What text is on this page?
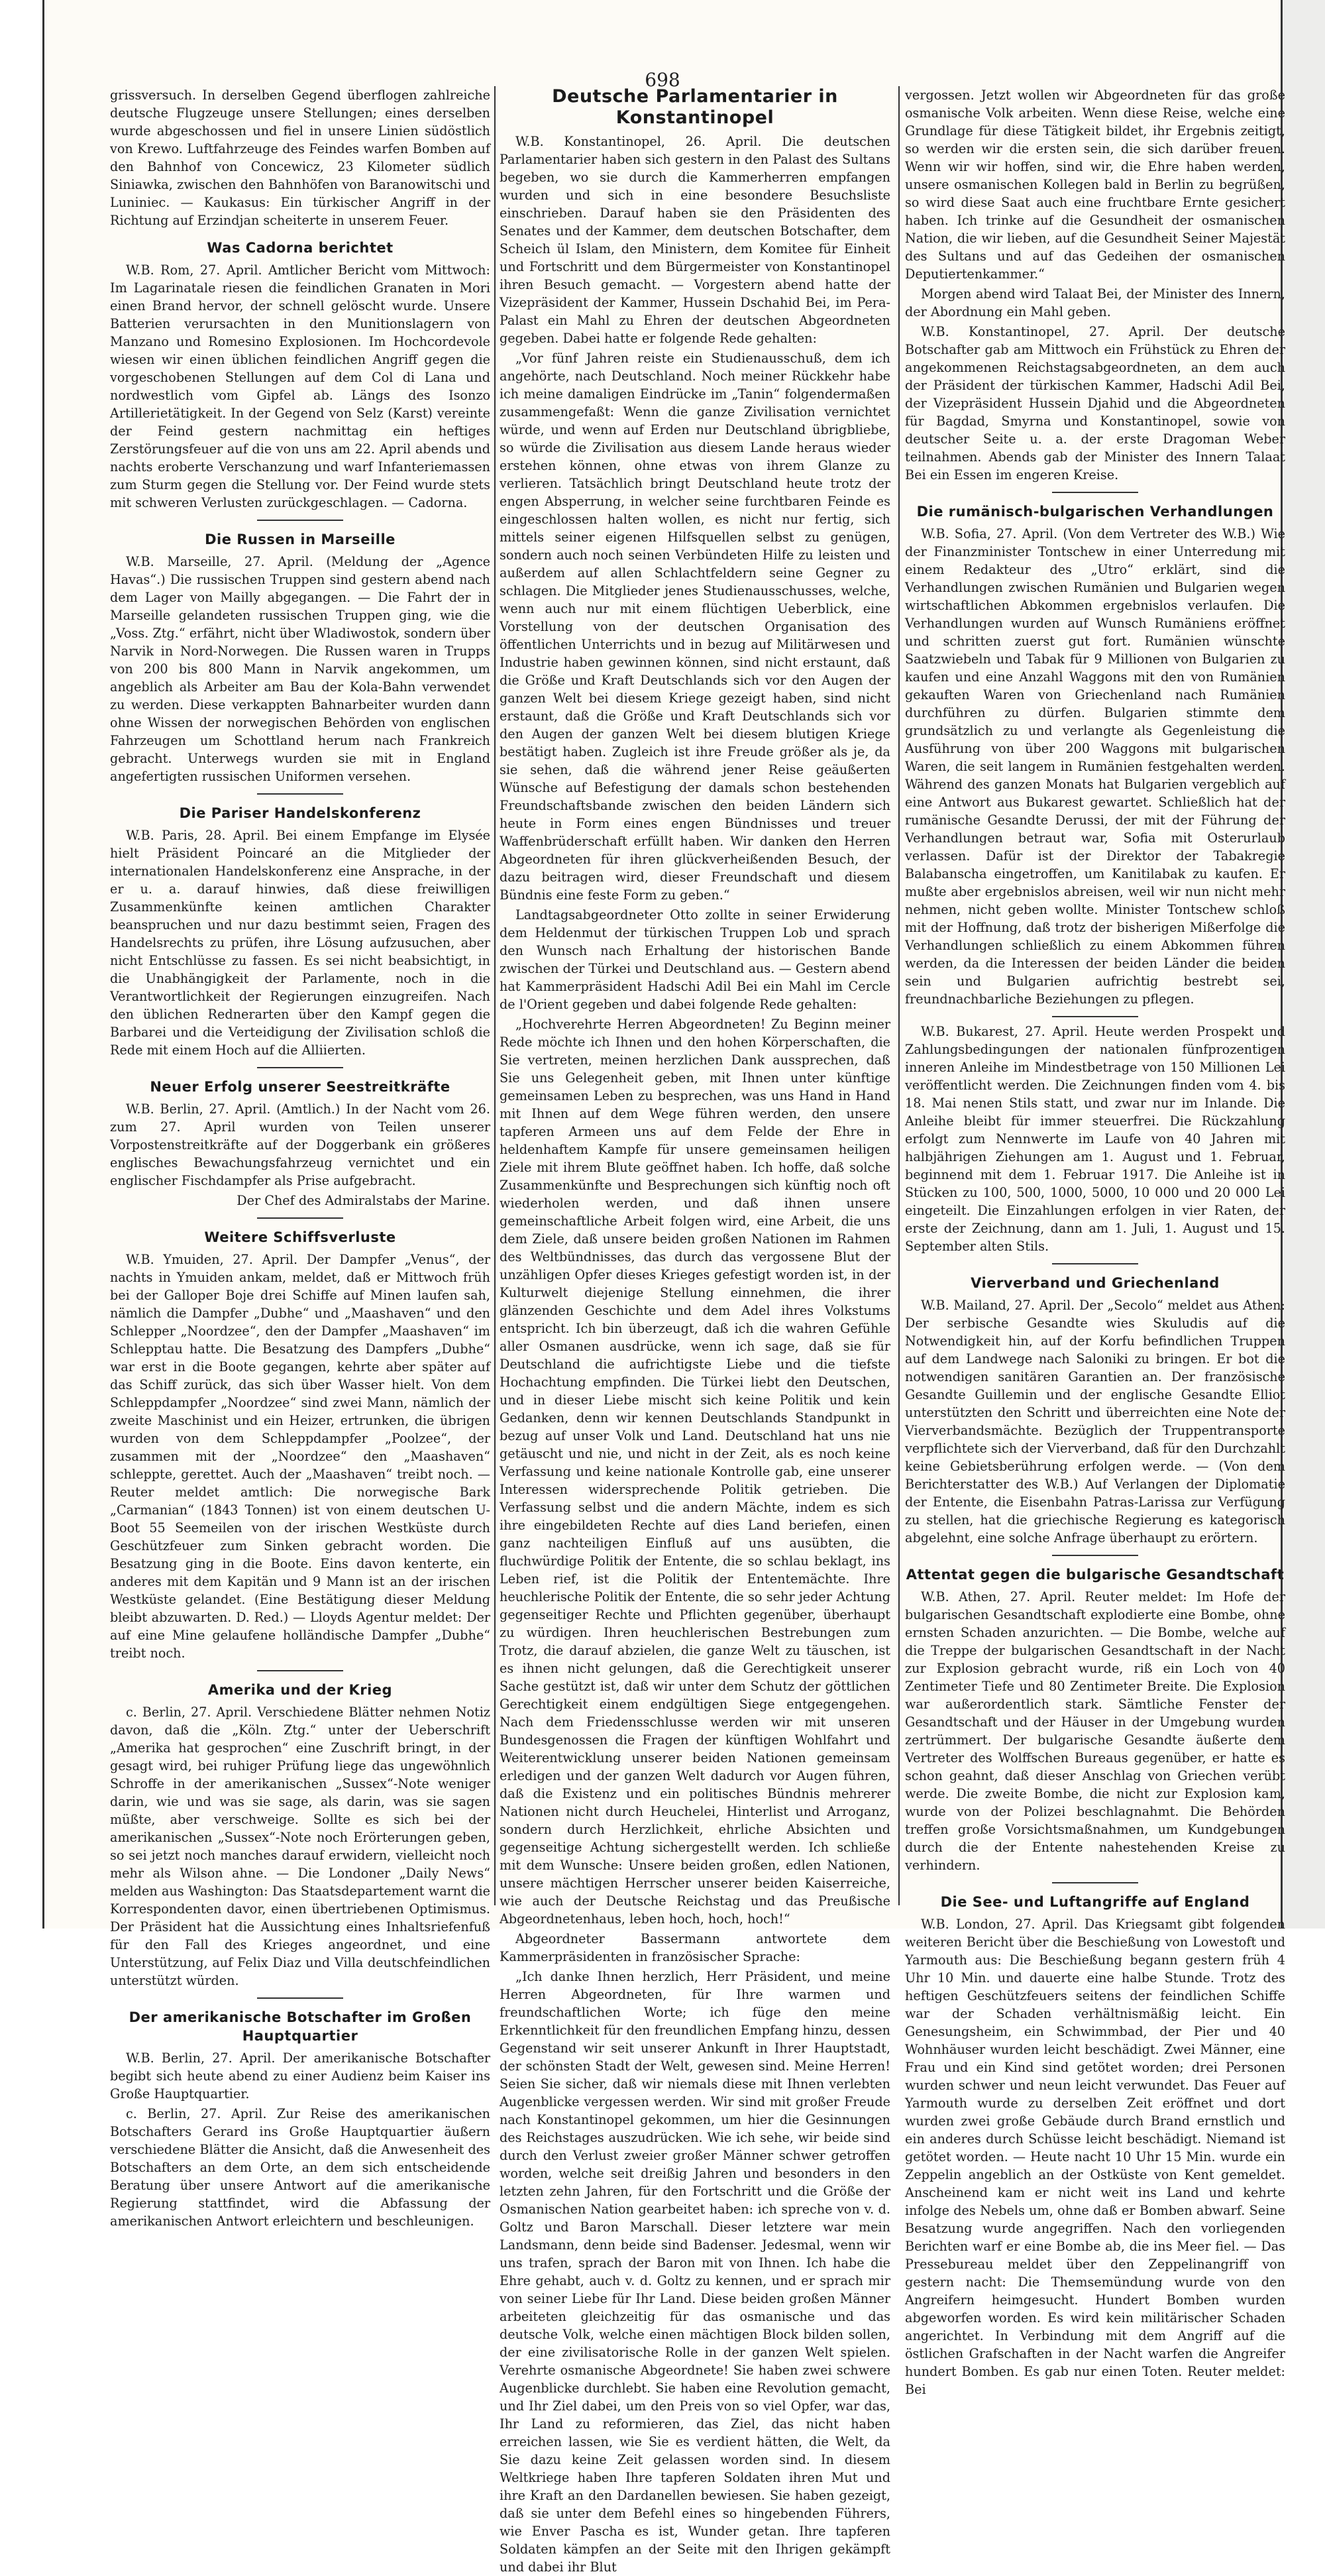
698

grissversuch. In derselben Gegend überflogen zahlreiche deutsche Flugzeuge unsere Stellungen; eines derselben wurde abgeschossen und fiel in unsere Linien südöstlich von Krewo. Luftfahrzeuge des Feindes warfen Bomben auf den Bahnhof von Concewicz, 23 Kilometer südlich Siniawka, zwischen den Bahnhöfen von Baranowitschi und Luniniec. — Kaukasus: Ein türkischer Angriff in der Richtung auf Erzindjan scheiterte in unserem Feuer.

Was Cadorna berichtet

W.B. Rom, 27. April. Amtlicher Bericht vom Mittwoch: Im Lagarinatale riesen die feindlichen Granaten in Mori einen Brand hervor, der schnell gelöscht wurde. Unsere Batterien verursachten in den Munitionslagern von Manzano und Romesino Explosionen. Im Hochcordevole wiesen wir einen üblichen feindlichen Angriff gegen die vorgeschobenen Stellungen auf dem Col di Lana und nordwestlich vom Gipfel ab. Längs des Isonzo Artillerietätigkeit. In der Gegend von Selz (Karst) vereinte der Feind gestern nachmittag ein heftiges Zerstörungsfeuer auf die von uns am 22. April abends und nachts eroberte Verschanzung und warf Infanteriemassen zum Sturm gegen die Stellung vor. Der Feind wurde stets mit schweren Verlusten zurückgeschlagen. — Cadorna.

Die Russen in Marseille

W.B. Marseille, 27. April. (Meldung der „Agence Havas“.) Die russischen Truppen sind gestern abend nach dem Lager von Mailly abgegangen. — Die Fahrt der in Marseille gelandeten russischen Truppen ging, wie die „Voss. Ztg.“ erfährt, nicht über Wladiwostok, sondern über Narvik in Nord-Norwegen. Die Russen waren in Trupps von 200 bis 800 Mann in Narvik angekommen, um angeblich als Arbeiter am Bau der Kola-Bahn verwendet zu werden. Diese verkappten Bahnarbeiter wurden dann ohne Wissen der norwegischen Behörden von englischen Fahrzeugen um Schottland herum nach Frankreich gebracht. Unterwegs wurden sie mit in England angefertigten russischen Uniformen versehen.

Die Pariser Handelskonferenz

W.B. Paris, 28. April. Bei einem Empfange im Elysée hielt Präsident Poincaré an die Mitglieder der internationalen Handelskonferenz eine Ansprache, in der er u. a. darauf hinwies, daß diese freiwilligen Zusammenkünfte keinen amtlichen Charakter beanspruchen und nur dazu bestimmt seien, Fragen des Handelsrechts zu prüfen, ihre Lösung aufzusuchen, aber nicht Entschlüsse zu fassen. Es sei nicht beabsichtigt, in die Unabhängigkeit der Parlamente, noch in die Verantwortlichkeit der Regierungen einzugreifen. Nach den üblichen Rednerarten über den Kampf gegen die Barbarei und die Verteidigung der Zivilisation schloß die Rede mit einem Hoch auf die Alliierten.

Neuer Erfolg unserer Seestreitkräfte

W.B. Berlin, 27. April. (Amtlich.) In der Nacht vom 26. zum 27. April wurden von Teilen unserer Vorpostenstreitkräfte auf der Doggerbank ein größeres englisches Bewachungsfahrzeug vernichtet und ein englischer Fischdampfer als Prise aufgebracht.

Der Chef des Admiralstabs der Marine.

Weitere Schiffsverluste

W.B. Ymuiden, 27. April. Der Dampfer „Venus“, der nachts in Ymuiden ankam, meldet, daß er Mittwoch früh bei der Galloper Boje drei Schiffe auf Minen laufen sah, nämlich die Dampfer „Dubhe“ und „Maashaven“ und den Schlepper „Noordzee“, den der Dampfer „Maashaven“ im Schlepptau hatte. Die Besatzung des Dampfers „Dubhe“ war erst in die Boote gegangen, kehrte aber später auf das Schiff zurück, das sich über Wasser hielt. Von dem Schleppdampfer „Noordzee“ sind zwei Mann, nämlich der zweite Maschinist und ein Heizer, ertrunken, die übrigen wurden von dem Schleppdampfer „Poolzee“, der zusammen mit der „Noordzee“ den „Maashaven“ schleppte, gerettet. Auch der „Maashaven“ treibt noch. — Reuter meldet amtlich: Die norwegische Bark „Carmanian“ (1843 Tonnen) ist von einem deutschen U-Boot 55 Seemeilen von der irischen Westküste durch Geschützfeuer zum Sinken gebracht worden. Die Besatzung ging in die Boote. Eins davon kenterte, ein anderes mit dem Kapitän und 9 Mann ist an der irischen Westküste gelandet. (Eine Bestätigung dieser Meldung bleibt abzuwarten. D. Red.) — Lloyds Agentur meldet: Der auf eine Mine gelaufene holländische Dampfer „Dubhe“ treibt noch.

Amerika und der Krieg

c. Berlin, 27. April. Verschiedene Blätter nehmen Notiz davon, daß die „Köln. Ztg.“ unter der Ueberschrift „Amerika hat gesprochen“ eine Zuschrift bringt, in der gesagt wird, bei ruhiger Prüfung liege das ungewöhnlich Schroffe in der amerikanischen „Sussex“-Note weniger darin, wie und was sie sage, als darin, was sie sagen müßte, aber verschweige. Sollte es sich bei der amerikanischen „Sussex“-Note noch Erörterungen geben, so sei jetzt noch manches darauf erwidern, vielleicht noch mehr als Wilson ahne. — Die Londoner „Daily News“ melden aus Washington: Das Staatsdepartement warnt die Korrespondenten davor, einen übertriebenen Optimismus. Der Präsident hat die Aussichtung eines Inhaltsriefenfuß für den Fall des Krieges angeordnet, und eine Unterstützung, auf Felix Diaz und Villa deutschfeindlichen unterstützt würden.

Der amerikanische Botschafter im Großen Hauptquartier

W.B. Berlin, 27. April. Der amerikanische Botschafter begibt sich heute abend zu einer Audienz beim Kaiser ins Große Hauptquartier.

c. Berlin, 27. April. Zur Reise des amerikanischen Botschafters Gerard ins Große Hauptquartier äußern verschiedene Blätter die Ansicht, daß die Anwesenheit des Botschafters an dem Orte, an dem sich entscheidende Beratung über unsere Antwort auf die amerikanische Regierung stattfindet, wird die Abfassung der amerikanischen Antwort erleichtern und beschleunigen.

Deutsche Parlamentarier in Konstantinopel

W.B. Konstantinopel, 26. April. Die deutschen Parlamentarier haben sich gestern in den Palast des Sultans begeben, wo sie durch die Kammerherren empfangen wurden und sich in eine besondere Besuchsliste einschrieben. Darauf haben sie den Präsidenten des Senates und der Kammer, dem deutschen Botschafter, dem Scheich ül Islam, den Ministern, dem Komitee für Einheit und Fortschritt und dem Bürgermeister von Konstantinopel ihren Besuch gemacht. — Vorgestern abend hatte der Vizepräsident der Kammer, Hussein Dschahid Bei, im Pera-Palast ein Mahl zu Ehren der deutschen Abgeordneten gegeben. Dabei hatte er folgende Rede gehalten:

„Vor fünf Jahren reiste ein Studienausschuß, dem ich angehörte, nach Deutschland. Noch meiner Rückkehr habe ich meine damaligen Eindrücke im „Tanin“ folgendermaßen zusammengefaßt: Wenn die ganze Zivilisation vernichtet würde, und wenn auf Erden nur Deutschland übrigbliebe, so würde die Zivilisation aus diesem Lande heraus wieder erstehen können, ohne etwas von ihrem Glanze zu verlieren. Tatsächlich bringt Deutschland heute trotz der engen Absperrung, in welcher seine furchtbaren Feinde es eingeschlossen halten wollen, es nicht nur fertig, sich mittels seiner eigenen Hilfsquellen selbst zu genügen, sondern auch noch seinen Verbündeten Hilfe zu leisten und außerdem auf allen Schlachtfeldern seine Gegner zu schlagen. Die Mitglieder jenes Studienausschusses, welche, wenn auch nur mit einem flüchtigen Ueberblick, eine Vorstellung von der deutschen Organisation des öffentlichen Unterrichts und in bezug auf Militärwesen und Industrie haben gewinnen können, sind nicht erstaunt, daß die Größe und Kraft Deutschlands sich vor den Augen der ganzen Welt bei diesem Kriege gezeigt haben, sind nicht erstaunt, daß die Größe und Kraft Deutschlands sich vor den Augen der ganzen Welt bei diesem blutigen Kriege bestätigt haben. Zugleich ist ihre Freude größer als je, da sie sehen, daß die während jener Reise geäußerten Wünsche auf Befestigung der damals schon bestehenden Freundschaftsbande zwischen den beiden Ländern sich heute in Form eines engen Bündnisses und treuer Waffenbrüderschaft erfüllt haben. Wir danken den Herren Abgeordneten für ihren glückverheißenden Besuch, der dazu beitragen wird, dieser Freundschaft und diesem Bündnis eine feste Form zu geben.“

Landtagsabgeordneter Otto zollte in seiner Erwiderung dem Heldenmut der türkischen Truppen Lob und sprach den Wunsch nach Erhaltung der historischen Bande zwischen der Türkei und Deutschland aus. — Gestern abend hat Kammerpräsident Hadschi Adil Bei ein Mahl im Cercle de l'Orient gegeben und dabei folgende Rede gehalten:

„Hochverehrte Herren Abgeordneten! Zu Beginn meiner Rede möchte ich Ihnen und den hohen Körperschaften, die Sie vertreten, meinen herzlichen Dank aussprechen, daß Sie uns Gelegenheit geben, mit Ihnen unter künftige gemeinsamen Leben zu besprechen, was uns Hand in Hand mit Ihnen auf dem Wege führen werden, den unsere tapferen Armeen uns auf dem Felde der Ehre in heldenhaftem Kampfe für unsere gemeinsamen heiligen Ziele mit ihrem Blute geöffnet haben. Ich hoffe, daß solche Zusammenkünfte und Besprechungen sich künftig noch oft wiederholen werden, und daß ihnen unsere gemeinschaftliche Arbeit folgen wird, eine Arbeit, die uns dem Ziele, daß unsere beiden großen Nationen im Rahmen des Weltbündnisses, das durch das vergossene Blut der unzähligen Opfer dieses Krieges gefestigt worden ist, in der Kulturwelt diejenige Stellung einnehmen, die ihrer glänzenden Geschichte und dem Adel ihres Volkstums entspricht. Ich bin überzeugt, daß ich die wahren Gefühle aller Osmanen ausdrücke, wenn ich sage, daß sie für Deutschland die aufrichtigste Liebe und die tiefste Hochachtung empfinden. Die Türkei liebt den Deutschen, und in dieser Liebe mischt sich keine Politik und kein Gedanken, denn wir kennen Deutschlands Standpunkt in bezug auf unser Volk und Land. Deutschland hat uns nie getäuscht und nie, und nicht in der Zeit, als es noch keine Verfassung und keine nationale Kontrolle gab, eine unserer Interessen widersprechende Politik getrieben. Die Verfassung selbst und die andern Mächte, indem es sich ihre eingebildeten Rechte auf dies Land beriefen, einen ganz nachteiligen Einfluß auf uns ausübten, die fluchwürdige Politik der Entente, die so schlau beklagt, ins Leben rief, ist die Politik der Ententemächte. Ihre heuchlerische Politik der Entente, die so sehr jeder Achtung gegenseitiger Rechte und Pflichten gegenüber, überhaupt zu würdigen. Ihren heuchlerischen Bestrebungen zum Trotz, die darauf abzielen, die ganze Welt zu täuschen, ist es ihnen nicht gelungen, daß die Gerechtigkeit unserer Sache gestützt ist, daß wir unter dem Schutz der göttlichen Gerechtigkeit einem endgültigen Siege entgegengehen. Nach dem Friedensschlusse werden wir mit unseren Bundesgenossen die Fragen der künftigen Wohlfahrt und Weiterentwicklung unserer beiden Nationen gemeinsam erledigen und der ganzen Welt dadurch vor Augen führen, daß die Existenz und ein politisches Bündnis mehrerer Nationen nicht durch Heuchelei, Hinterlist und Arroganz, sondern durch Herzlichkeit, ehrliche Absichten und gegenseitige Achtung sichergestellt werden. Ich schließe mit dem Wunsche: Unsere beiden großen, edlen Nationen, unsere mächtigen Herrscher unserer beiden Kaiserreiche, wie auch der Deutsche Reichstag und das Preußische Abgeordnetenhaus, leben hoch, hoch, hoch!“

Abgeordneter Bassermann antwortete dem Kammerpräsidenten in französischer Sprache:

„Ich danke Ihnen herzlich, Herr Präsident, und meine Herren Abgeordneten, für Ihre warmen und freundschaftlichen Worte; ich füge den meine Erkenntlichkeit für den freundlichen Empfang hinzu, dessen Gegenstand wir seit unserer Ankunft in Ihrer Hauptstadt, der schönsten Stadt der Welt, gewesen sind. Meine Herren! Seien Sie sicher, daß wir niemals diese mit Ihnen verlebten Augenblicke vergessen werden. Wir sind mit großer Freude nach Konstantinopel gekommen, um hier die Gesinnungen des Reichstages auszudrücken. Wie ich sehe, wir beide sind durch den Verlust zweier großer Männer schwer getroffen worden, welche seit dreißig Jahren und besonders in den letzten zehn Jahren, für den Fortschritt und die Größe der Osmanischen Nation gearbeitet haben: ich spreche von v. d. Goltz und Baron Marschall. Dieser letztere war mein Landsmann, denn beide sind Badenser. Jedesmal, wenn wir uns trafen, sprach der Baron mit von Ihnen. Ich habe die Ehre gehabt, auch v. d. Goltz zu kennen, und er sprach mir von seiner Liebe für Ihr Land. Diese beiden großen Männer arbeiteten gleichzeitig für das osmanische und das deutsche Volk, welche einen mächtigen Block bilden sollen, der eine zivilisatorische Rolle in der ganzen Welt spielen. Verehrte osmanische Abgeordnete! Sie haben zwei schwere Augenblicke durchlebt. Sie haben eine Revolution gemacht, und Ihr Ziel dabei, um den Preis von so viel Opfer, war das, Ihr Land zu reformieren, das Ziel, das nicht haben erreichen lassen, wie Sie es verdient hätten, die Welt, da Sie dazu keine Zeit gelassen worden sind. In diesem Weltkriege haben Ihre tapferen Soldaten ihren Mut und ihre Kraft an den Dardanellen bewiesen. Sie haben gezeigt, daß sie unter dem Befehl eines so hingebenden Führers, wie Enver Pascha es ist, Wunder getan. Ihre tapferen Soldaten kämpfen an der Seite mit den Ihrigen gekämpft und dabei ihr Blut

vergossen. Jetzt wollen wir Abgeordneten für das große osmanische Volk arbeiten. Wenn diese Reise, welche eine Grundlage für diese Tätigkeit bildet, ihr Ergebnis zeitigt, so werden wir die ersten sein, die sich darüber freuen. Wenn wir wir hoffen, sind wir, die Ehre haben werden, unsere osmanischen Kollegen bald in Berlin zu begrüßen, so wird diese Saat auch eine fruchtbare Ernte gesichert haben. Ich trinke auf die Gesundheit der osmanischen Nation, die wir lieben, auf die Gesundheit Seiner Majestät des Sultans und auf das Gedeihen der osmanischen Deputiertenkammer.“

Morgen abend wird Talaat Bei, der Minister des Innern, der Abordnung ein Mahl geben.

W.B. Konstantinopel, 27. April. Der deutsche Botschafter gab am Mittwoch ein Frühstück zu Ehren der angekommenen Reichstagsabgeordneten, an dem auch der Präsident der türkischen Kammer, Hadschi Adil Bei, der Vizepräsident Hussein Djahid und die Abgeordneten für Bagdad, Smyrna und Konstantinopel, sowie von deutscher Seite u. a. der erste Dragoman Weber teilnahmen. Abends gab der Minister des Innern Talaat Bei ein Essen im engeren Kreise.

Die rumänisch-bulgarischen Verhandlungen

W.B. Sofia, 27. April. (Von dem Vertreter des W.B.) Wie der Finanzminister Tontschew in einer Unterredung mit einem Redakteur des „Utro“ erklärt, sind die Verhandlungen zwischen Rumänien und Bulgarien wegen wirtschaftlichen Abkommen ergebnislos verlaufen. Die Verhandlungen wurden auf Wunsch Rumäniens eröffnet und schritten zuerst gut fort. Rumänien wünschte Saatzwiebeln und Tabak für 9 Millionen von Bulgarien zu kaufen und eine Anzahl Waggons mit den von Rumänien gekauften Waren von Griechenland nach Rumänien durchführen zu dürfen. Bulgarien stimmte dem grundsätzlich zu und verlangte als Gegenleistung die Ausführung von über 200 Waggons mit bulgarischen Waren, die seit langem in Rumänien festgehalten werden. Während des ganzen Monats hat Bulgarien vergeblich auf eine Antwort aus Bukarest gewartet. Schließlich hat der rumänische Gesandte Derussi, der mit der Führung der Verhandlungen betraut war, Sofia mit Osterurlaub verlassen. Dafür ist der Direktor der Tabakregie Balabanscha eingetroffen, um Kanitilabak zu kaufen. Er mußte aber ergebnislos abreisen, weil wir nun nicht mehr nehmen, nicht geben wollte. Minister Tontschew schloß mit der Hoffnung, daß trotz der bisherigen Mißerfolge die Verhandlungen schließlich zu einem Abkommen führen werden, da die Interessen der beiden Länder die beiden sein und Bulgarien aufrichtig bestrebt sei, freundnachbarliche Beziehungen zu pflegen.

W.B. Bukarest, 27. April. Heute werden Prospekt und Zahlungsbedingungen der nationalen fünfprozentigen inneren Anleihe im Mindestbetrage von 150 Millionen Lei veröffentlicht werden. Die Zeichnungen finden vom 4. bis 18. Mai nenen Stils statt, und zwar nur im Inlande. Die Anleihe bleibt für immer steuerfrei. Die Rückzahlung erfolgt zum Nennwerte im Laufe von 40 Jahren mit halbjährigen Ziehungen am 1. August und 1. Februar, beginnend mit dem 1. Februar 1917. Die Anleihe ist in Stücken zu 100, 500, 1000, 5000, 10 000 und 20 000 Lei eingeteilt. Die Einzahlungen erfolgen in vier Raten, der erste der Zeichnung, dann am 1. Juli, 1. August und 15. September alten Stils.

Vierverband und Griechenland

W.B. Mailand, 27. April. Der „Secolo“ meldet aus Athen: Der serbische Gesandte wies Skuludis auf die Notwendigkeit hin, auf der Korfu befindlichen Truppen auf dem Landwege nach Saloniki zu bringen. Er bot die notwendigen sanitären Garantien an. Der französische Gesandte Guillemin und der englische Gesandte Elliot unterstützten den Schritt und überreichten eine Note der Vierverbandsmächte. Bezüglich der Truppentransporte verpflichtete sich der Vierverband, daß für den Durchzahlt keine Gebietsberührung erfolgen werde. — (Von dem Berichterstatter des W.B.) Auf Verlangen der Diplomatie der Entente, die Eisenbahn Patras-Larissa zur Verfügung zu stellen, hat die griechische Regierung es kategorisch abgelehnt, eine solche Anfrage überhaupt zu erörtern.

Attentat gegen die bulgarische Gesandtschaft

W.B. Athen, 27. April. Reuter meldet: Im Hofe der bulgarischen Gesandtschaft explodierte eine Bombe, ohne ernsten Schaden anzurichten. — Die Bombe, welche auf die Treppe der bulgarischen Gesandtschaft in der Nacht zur Explosion gebracht wurde, riß ein Loch von 40 Zentimeter Tiefe und 80 Zentimeter Breite. Die Explosion war außerordentlich stark. Sämtliche Fenster der Gesandtschaft und der Häuser in der Umgebung wurden zertrümmert. Der bulgarische Gesandte äußerte dem Vertreter des Wolffschen Bureaus gegenüber, er hatte es schon geahnt, daß dieser Anschlag von Griechen verübt werde. Die zweite Bombe, die nicht zur Explosion kam, wurde von der Polizei beschlagnahmt. Die Behörden treffen große Vorsichtsmaßnahmen, um Kundgebungen durch die der Entente nahestehenden Kreise zu verhindern.

Die See- und Luftangriffe auf England

W.B. London, 27. April. Das Kriegsamt gibt folgenden weiteren Bericht über die Beschießung von Lowestoft und Yarmouth aus: Die Beschießung begann gestern früh 4 Uhr 10 Min. und dauerte eine halbe Stunde. Trotz des heftigen Geschützfeuers seitens der feindlichen Schiffe war der Schaden verhältnismäßig leicht. Ein Genesungsheim, ein Schwimmbad, der Pier und 40 Wohnhäuser wurden leicht beschädigt. Zwei Männer, eine Frau und ein Kind sind getötet worden; drei Personen wurden schwer und neun leicht verwundet. Das Feuer auf Yarmouth wurde zu derselben Zeit eröffnet und dort wurden zwei große Gebäude durch Brand ernstlich und ein anderes durch Schüsse leicht beschädigt. Niemand ist getötet worden. — Heute nacht 10 Uhr 15 Min. wurde ein Zeppelin angeblich an der Ostküste von Kent gemeldet. Anscheinend kam er nicht weit ins Land und kehrte infolge des Nebels um, ohne daß er Bomben abwarf. Seine Besatzung wurde angegriffen. Nach den vorliegenden Berichten warf er eine Bombe ab, die ins Meer fiel. — Das Pressebureau meldet über den Zeppelinangriff von gestern nacht: Die Themsemündung wurde von den Angreifern heimgesucht. Hundert Bomben wurden abgeworfen worden. Es wird kein militärischer Schaden angerichtet. In Verbindung mit dem Angriff auf die östlichen Grafschaften in der Nacht warfen die Angreifer hundert Bomben. Es gab nur einen Toten. Reuter meldet: Bei
